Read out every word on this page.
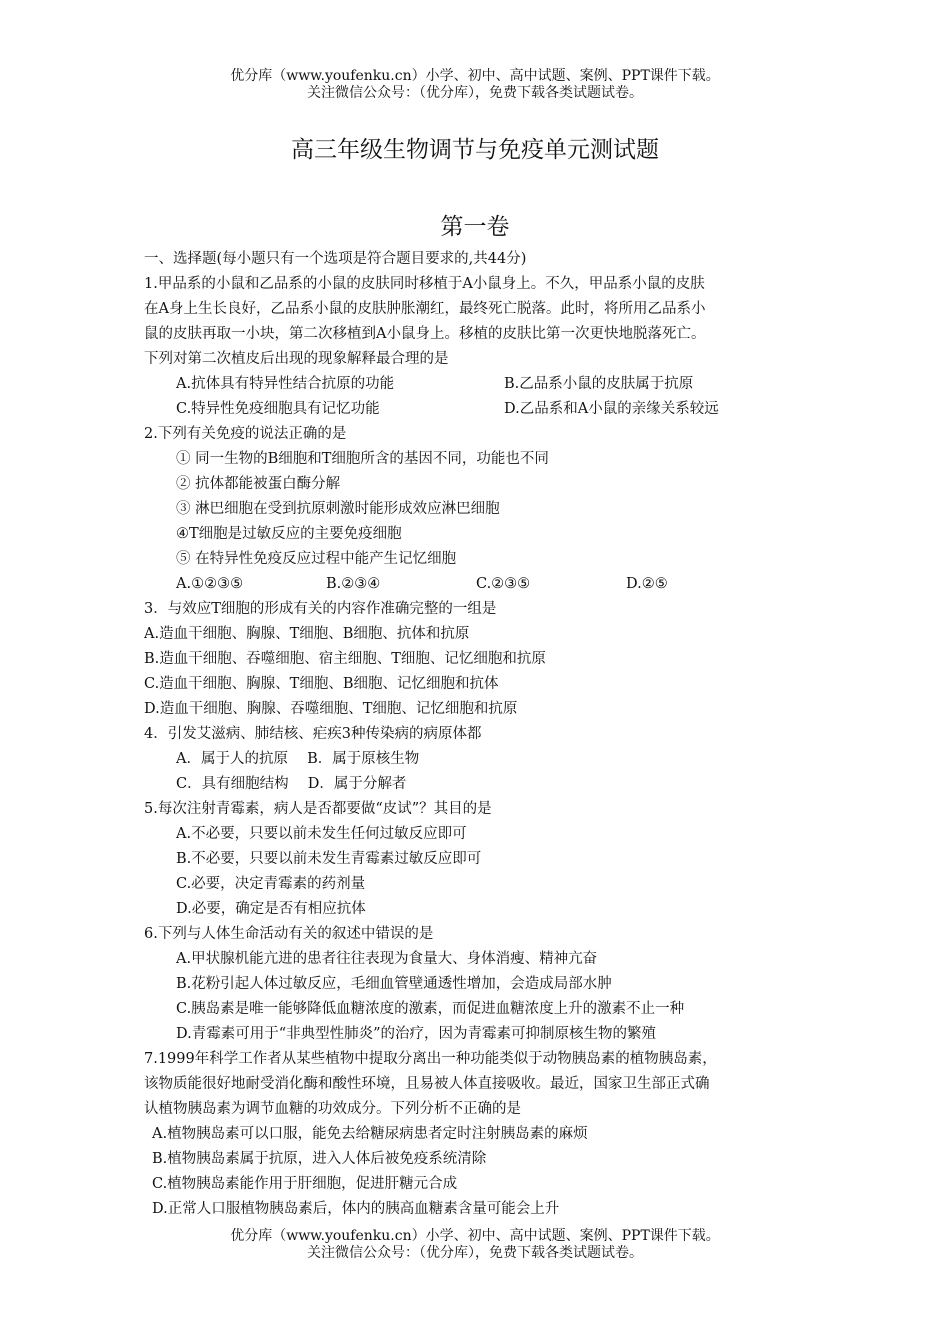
优分库（www.youfenku.cn）小学、初中、高中试题、案例、PPT课件下载。
关注微信公众号：（优分库），免费下载各类试题试卷。
高三年级生物调节与免疫单元测试题
第一卷
一、选择题(每小题只有一个选项是符合题目要求的,共44分)
1.甲品系的小鼠和乙品系的小鼠的皮肤同时移植于A小鼠身上。不久，甲品系小鼠的皮肤
在A身上生长良好，乙品系小鼠的皮肤肿胀潮红，最终死亡脱落。此时，将所用乙品系小
鼠的皮肤再取一小块，第二次移植到A小鼠身上。移植的皮肤比第一次更快地脱落死亡。
下列对第二次植皮后出现的现象解释最合理的是
A.抗体具有特异性结合抗原的功能	B.乙品系小鼠的皮肤属于抗原
C.特异性免疫细胞具有记忆功能	D.乙品系和A小鼠的亲缘关系较远
2.下列有关免疫的说法正确的是
① 同一生物的B细胞和T细胞所含的基因不同，功能也不同
② 抗体都能被蛋白酶分解
③ 淋巴细胞在受到抗原刺激时能形成效应淋巴细胞
④T细胞是过敏反应的主要免疫细胞
⑤ 在特异性免疫反应过程中能产生记忆细胞
A.①②③⑤	B.②③④	C.②③⑤	D.②⑤
3．与效应T细胞的形成有关的内容作准确完整的一组是
A.造血干细胞、胸腺、T细胞、B细胞、抗体和抗原
B.造血干细胞、吞噬细胞、宿主细胞、T细胞、记忆细胞和抗原
C.造血干细胞、胸腺、T细胞、B细胞、记忆细胞和抗体
D.造血干细胞、胸腺、吞噬细胞、T细胞、记忆细胞和抗原
4．引发艾滋病、肺结核、疟疾3种传染病的病原体都
A．属于人的抗原　 B．属于原核生物
C．具有细胞结构　 D．属于分解者
5.每次注射青霉素，病人是否都要做“皮试”？其目的是
A.不必要，只要以前未发生任何过敏反应即可
B.不必要，只要以前未发生青霉素过敏反应即可
C.必要，决定青霉素的药剂量
D.必要，确定是否有相应抗体
6.下列与人体生命活动有关的叙述中错误的是
A.甲状腺机能亢进的患者往往表现为食量大、身体消瘦、精神亢奋
B.花粉引起人体过敏反应，毛细血管壁通透性增加，会造成局部水肿
C.胰岛素是唯一能够降低血糖浓度的激素，而促进血糖浓度上升的激素不止一种
D.青霉素可用于“非典型性肺炎”的治疗，因为青霉素可抑制原核生物的繁殖
7.1999年科学工作者从某些植物中提取分离出一种功能类似于动物胰岛素的植物胰岛素，
该物质能很好地耐受消化酶和酸性环境，且易被人体直接吸收。最近，国家卫生部正式确
认植物胰岛素为调节血糖的功效成分。下列分析不正确的是
A.植物胰岛素可以口服，能免去给糖尿病患者定时注射胰岛素的麻烦
B.植物胰岛素属于抗原，进入人体后被免疫系统清除
C.植物胰岛素能作用于肝细胞，促进肝糖元合成
D.正常人口服植物胰岛素后，体内的胰高血糖素含量可能会上升
优分库（www.youfenku.cn）小学、初中、高中试题、案例、PPT课件下载。
关注微信公众号：（优分库），免费下载各类试题试卷。
